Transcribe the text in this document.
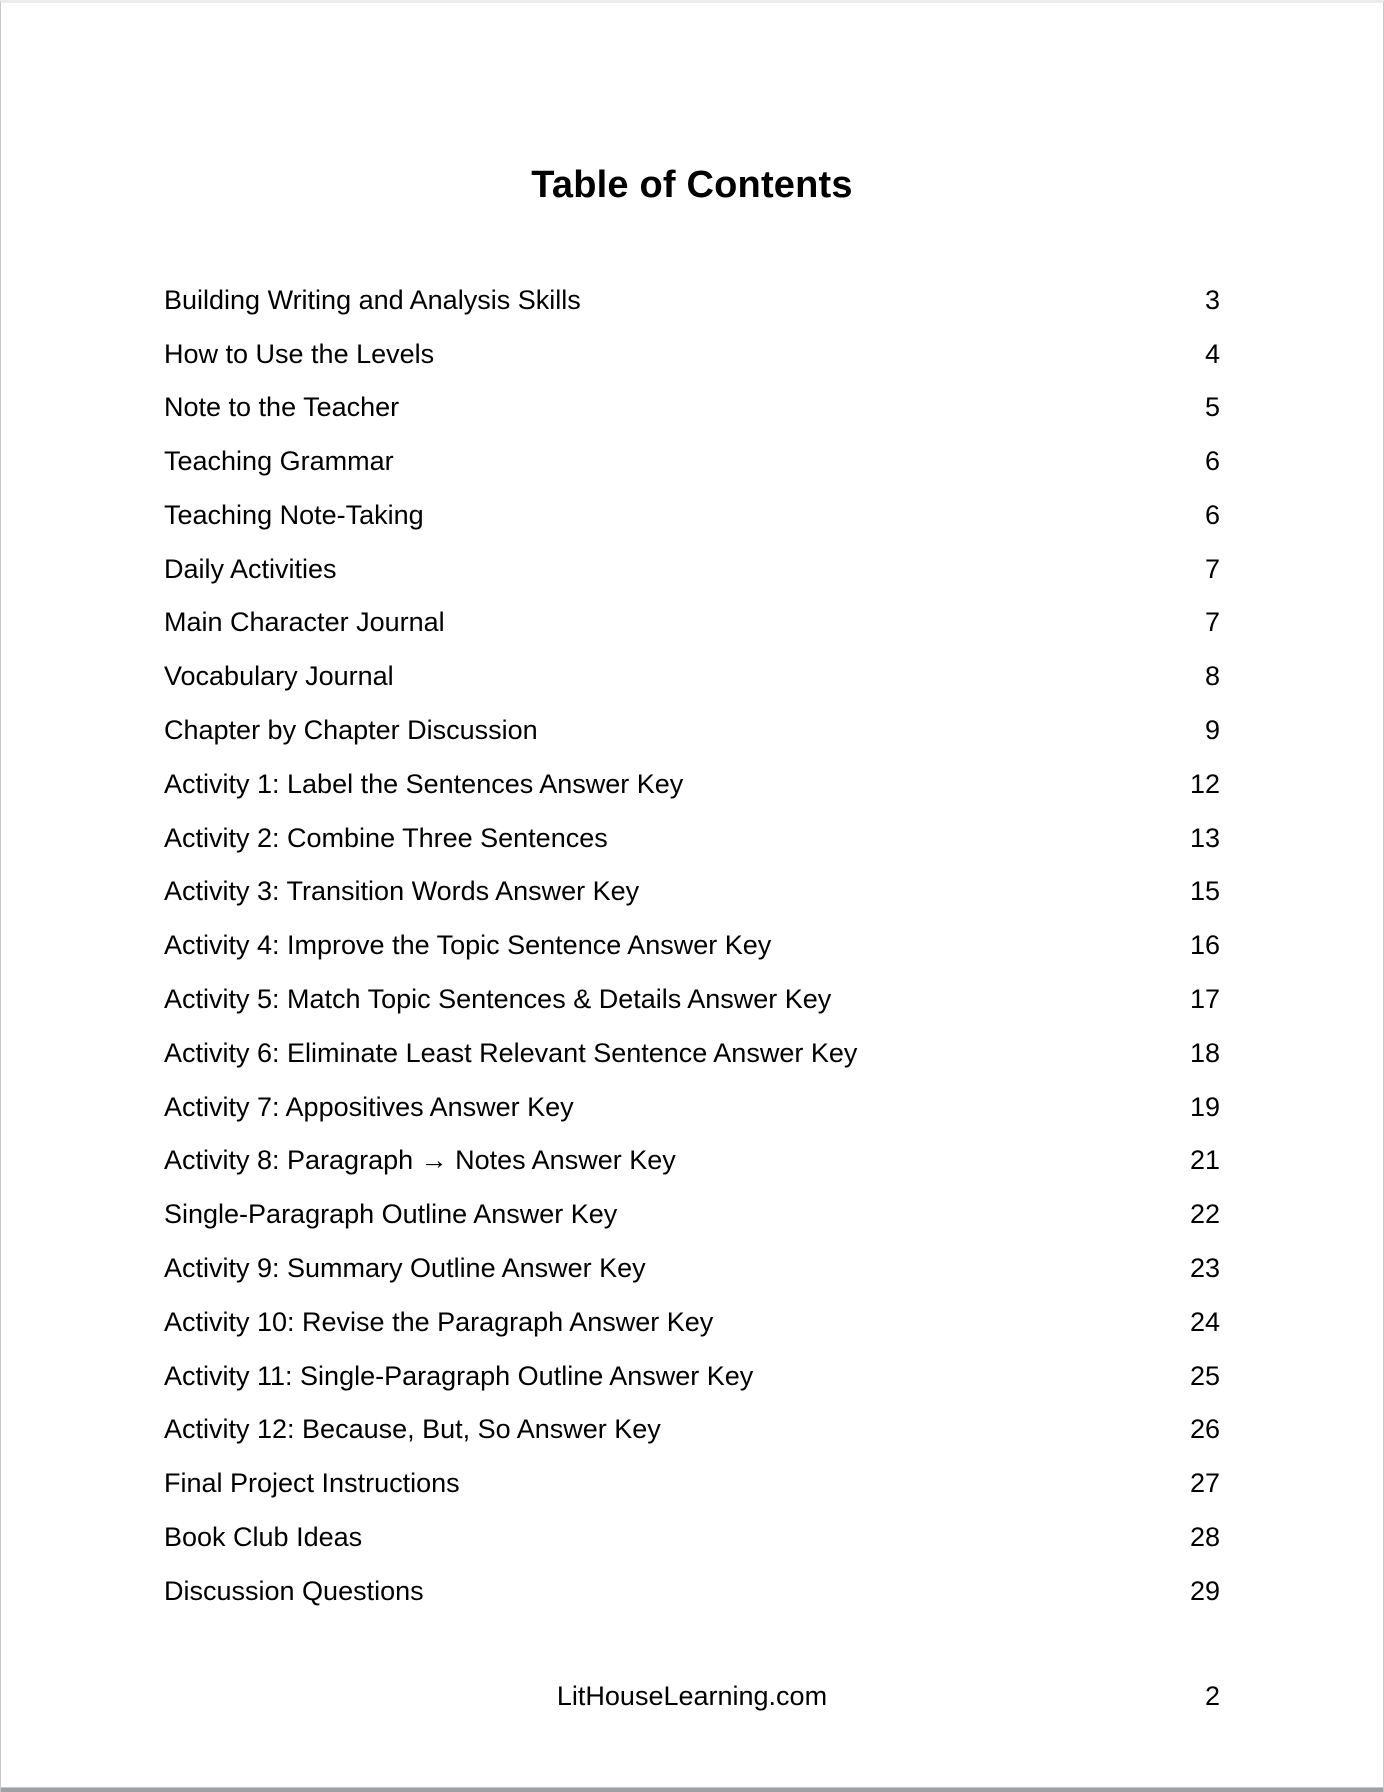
Table of Contents
Building Writing and Analysis Skills	3
How to Use the Levels	4
Note to the Teacher	5
Teaching Grammar	6
Teaching Note-Taking	6
Daily Activities	7
Main Character Journal	7
Vocabulary Journal	8
Chapter by Chapter Discussion	9
Activity 1: Label the Sentences Answer Key	12
Activity 2: Combine Three Sentences	13
Activity 3: Transition Words Answer Key	15
Activity 4: Improve the Topic Sentence Answer Key	16
Activity 5: Match Topic Sentences & Details Answer Key	17
Activity 6: Eliminate Least Relevant Sentence Answer Key	18
Activity 7: Appositives Answer Key	19
Activity 8: Paragraph → Notes Answer Key	21
Single-Paragraph Outline Answer Key	22
Activity 9: Summary Outline Answer Key	23
Activity 10: Revise the Paragraph Answer Key	24
Activity 11: Single-Paragraph Outline Answer Key	25
Activity 12: Because, But, So Answer Key	26
Final Project Instructions	27
Book Club Ideas	28
Discussion Questions	29
LitHouseLearning.com	2
